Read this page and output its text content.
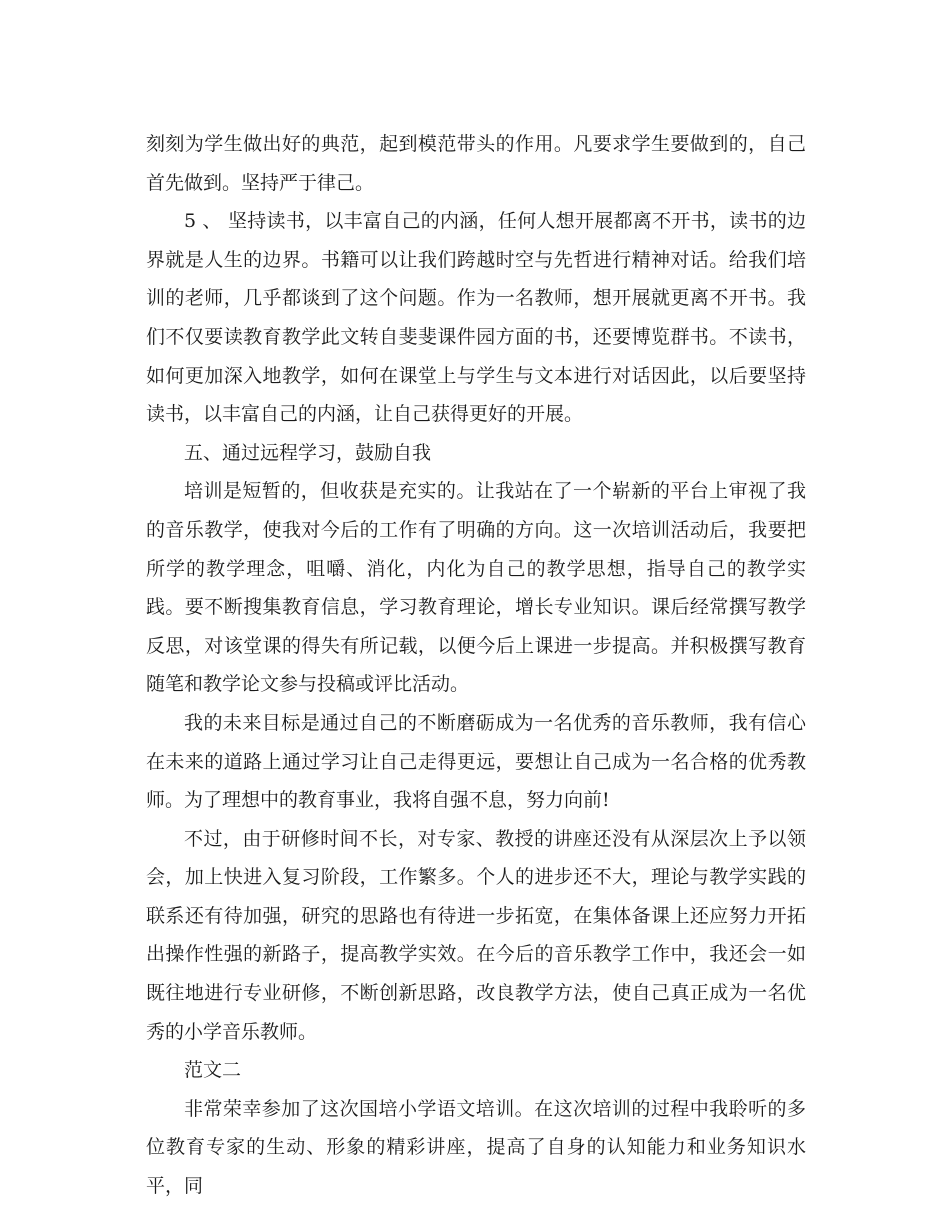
刻刻为学生做出好的典范，起到模范带头的作用。凡要求学生要做到的，自己首先做到。坚持严于律己。

5 、 坚持读书，以丰富自己的内涵，任何人想开展都离不开书，读书的边界就是人生的边界。书籍可以让我们跨越时空与先哲进行精神对话。给我们培训的老师，几乎都谈到了这个问题。作为一名教师，想开展就更离不开书。我们不仅要读教育教学此文转自斐斐课件园方面的书，还要博览群书。不读书，如何更加深入地教学，如何在课堂上与学生与文本进行对话因此，以后要坚持读书，以丰富自己的内涵，让自己获得更好的开展。

五、通过远程学习，鼓励自我

培训是短暂的，但收获是充实的。让我站在了一个崭新的平台上审视了我的音乐教学，使我对今后的工作有了明确的方向。这一次培训活动后，我要把所学的教学理念，咀嚼、消化，内化为自己的教学思想，指导自己的教学实践。要不断搜集教育信息，学习教育理论，增长专业知识。课后经常撰写教学反思，对该堂课的得失有所记载，以便今后上课进一步提高。并积极撰写教育随笔和教学论文参与投稿或评比活动。

我的未来目标是通过自己的不断磨砺成为一名优秀的音乐教师，我有信心在未来的道路上通过学习让自己走得更远，要想让自己成为一名合格的优秀教师。为了理想中的教育事业，我将自强不息，努力向前!

不过，由于研修时间不长，对专家、教授的讲座还没有从深层次上予以领会，加上快进入复习阶段，工作繁多。个人的进步还不大，理论与教学实践的联系还有待加强，研究的思路也有待进一步拓宽，在集体备课上还应努力开拓出操作性强的新路子，提高教学实效。在今后的音乐教学工作中，我还会一如既往地进行专业研修，不断创新思路，改良教学方法，使自己真正成为一名优秀的小学音乐教师。

范文二

非常荣幸参加了这次国培小学语文培训。在这次培训的过程中我聆听的多位教育专家的生动、形象的精彩讲座，提高了自身的认知能力和业务知识水平，同
